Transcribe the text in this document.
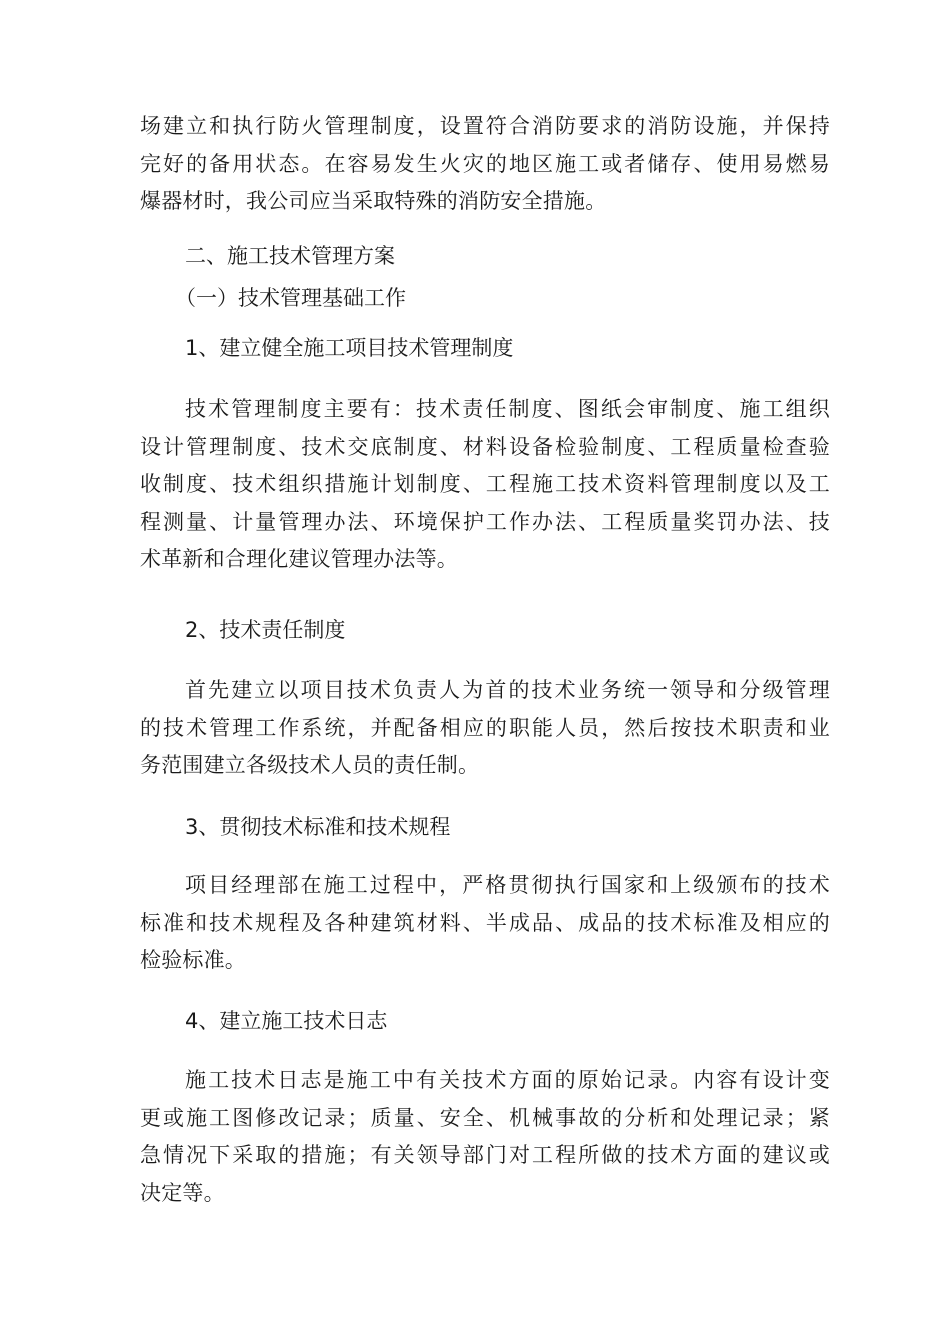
场建立和执行防火管理制度，设置符合消防要求的消防设施，并保持
完好的备用状态。在容易发生火灾的地区施工或者储存、使用易燃易
爆器材时，我公司应当采取特殊的消防安全措施。
二、施工技术管理方案
（一）技术管理基础工作
1、建立健全施工项目技术管理制度
技术管理制度主要有：技术责任制度、图纸会审制度、施工组织
设计管理制度、技术交底制度、材料设备检验制度、工程质量检查验
收制度、技术组织措施计划制度、工程施工技术资料管理制度以及工
程测量、计量管理办法、环境保护工作办法、工程质量奖罚办法、技
术革新和合理化建议管理办法等。
2、技术责任制度
首先建立以项目技术负责人为首的技术业务统一领导和分级管理
的技术管理工作系统，并配备相应的职能人员，然后按技术职责和业
务范围建立各级技术人员的责任制。
3、贯彻技术标准和技术规程
项目经理部在施工过程中，严格贯彻执行国家和上级颁布的技术
标准和技术规程及各种建筑材料、半成品、成品的技术标准及相应的
检验标准。
4、建立施工技术日志
施工技术日志是施工中有关技术方面的原始记录。内容有设计变
更或施工图修改记录；质量、安全、机械事故的分析和处理记录；紧
急情况下采取的措施；有关领导部门对工程所做的技术方面的建议或
决定等。
